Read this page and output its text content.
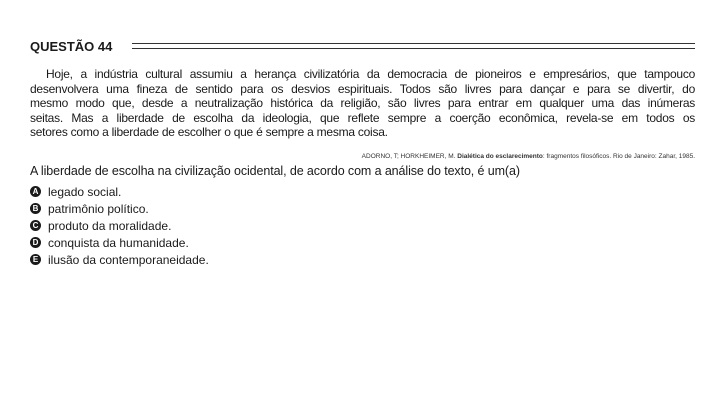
QUESTÃO 44
Hoje, a indústria cultural assumiu a herança civilizatória da democracia de pioneiros e empresários, que tampouco
desenvolvera uma fineza de sentido para os desvios espirituais. Todos são livres para dançar e para se divertir, do
mesmo modo que, desde a neutralização histórica da religião, são livres para entrar em qualquer uma das inúmeras
seitas. Mas a liberdade de escolha da ideologia, que reflete sempre a coerção econômica, revela-se em todos os
setores como a liberdade de escolher o que é sempre a mesma coisa.
ADORNO, T; HORKHEIMER, M. Dialética do esclarecimento: fragmentos filosóficos. Rio de Janeiro: Zahar, 1985.
A liberdade de escolha na civilização ocidental, de acordo com a análise do texto, é um(a)
A legado social.
B patrimônio político.
C produto da moralidade.
D conquista da humanidade.
E ilusão da contemporaneidade.
